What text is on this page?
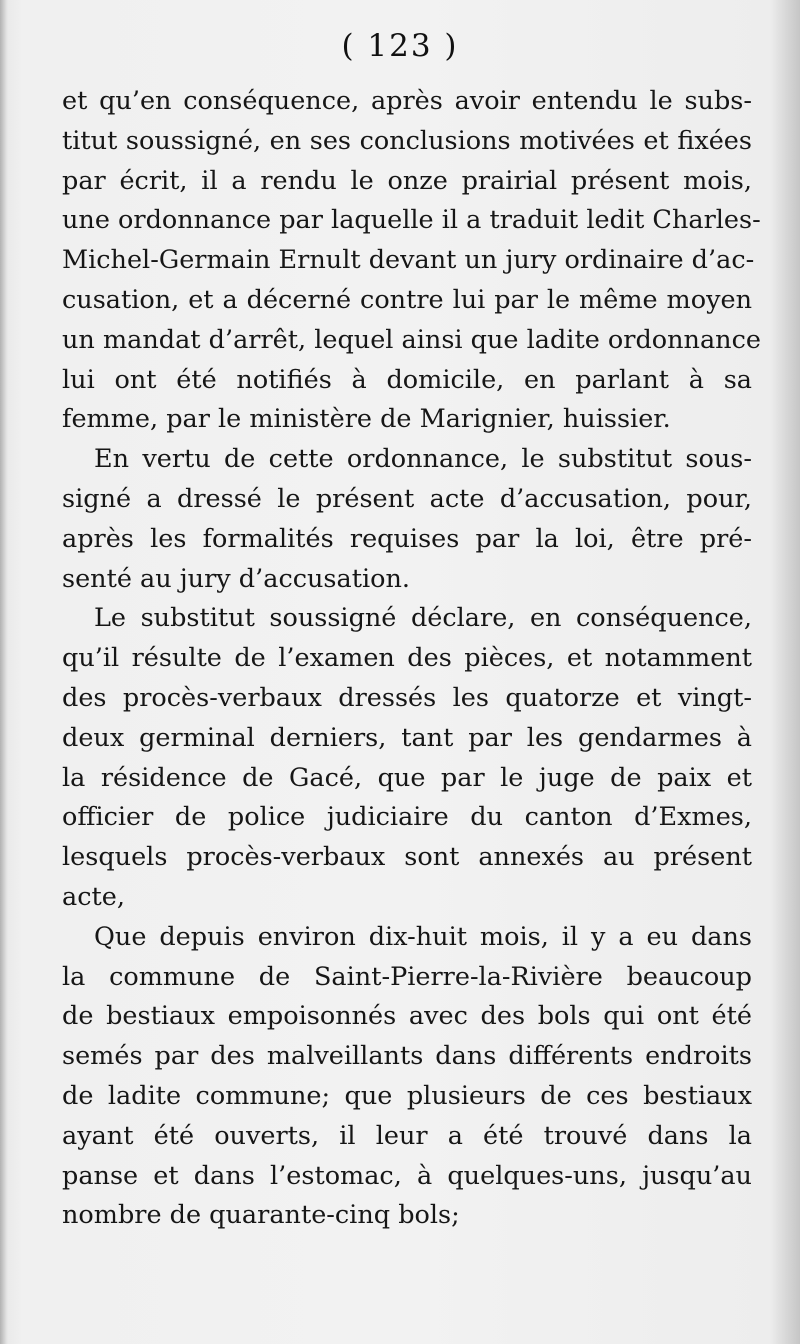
( 123 )
et qu’en conséquence, après avoir entendu le subs-
titut soussigné, en ses conclusions motivées et fixées
par écrit, il a rendu le onze prairial présent mois,
une ordonnance par laquelle il a traduit ledit Charles-
Michel-Germain Ernult devant un jury ordinaire d’ac-
cusation, et a décerné contre lui par le même moyen
un mandat d’arrêt, lequel ainsi que ladite ordonnance
lui ont été notifiés à domicile, en parlant à sa
femme, par le ministère de Marignier, huissier.
En vertu de cette ordonnance, le substitut sous-
signé a dressé le présent acte d’accusation, pour,
après les formalités requises par la loi, être pré-
senté au jury d’accusation.
Le substitut soussigné déclare, en conséquence,
qu’il résulte de l’examen des pièces, et notamment
des procès-verbaux dressés les quatorze et vingt-
deux germinal derniers, tant par les gendarmes à
la résidence de Gacé, que par le juge de paix et
officier de police judiciaire du canton d’Exmes,
lesquels procès-verbaux sont annexés au présent
acte,
Que depuis environ dix-huit mois, il y a eu dans
la commune de Saint-Pierre-la-Rivière beaucoup
de bestiaux empoisonnés avec des bols qui ont été
semés par des malveillants dans différents endroits
de ladite commune; que plusieurs de ces bestiaux
ayant été ouverts, il leur a été trouvé dans la
panse et dans l’estomac, à quelques-uns, jusqu’au
nombre de quarante-cinq bols;
